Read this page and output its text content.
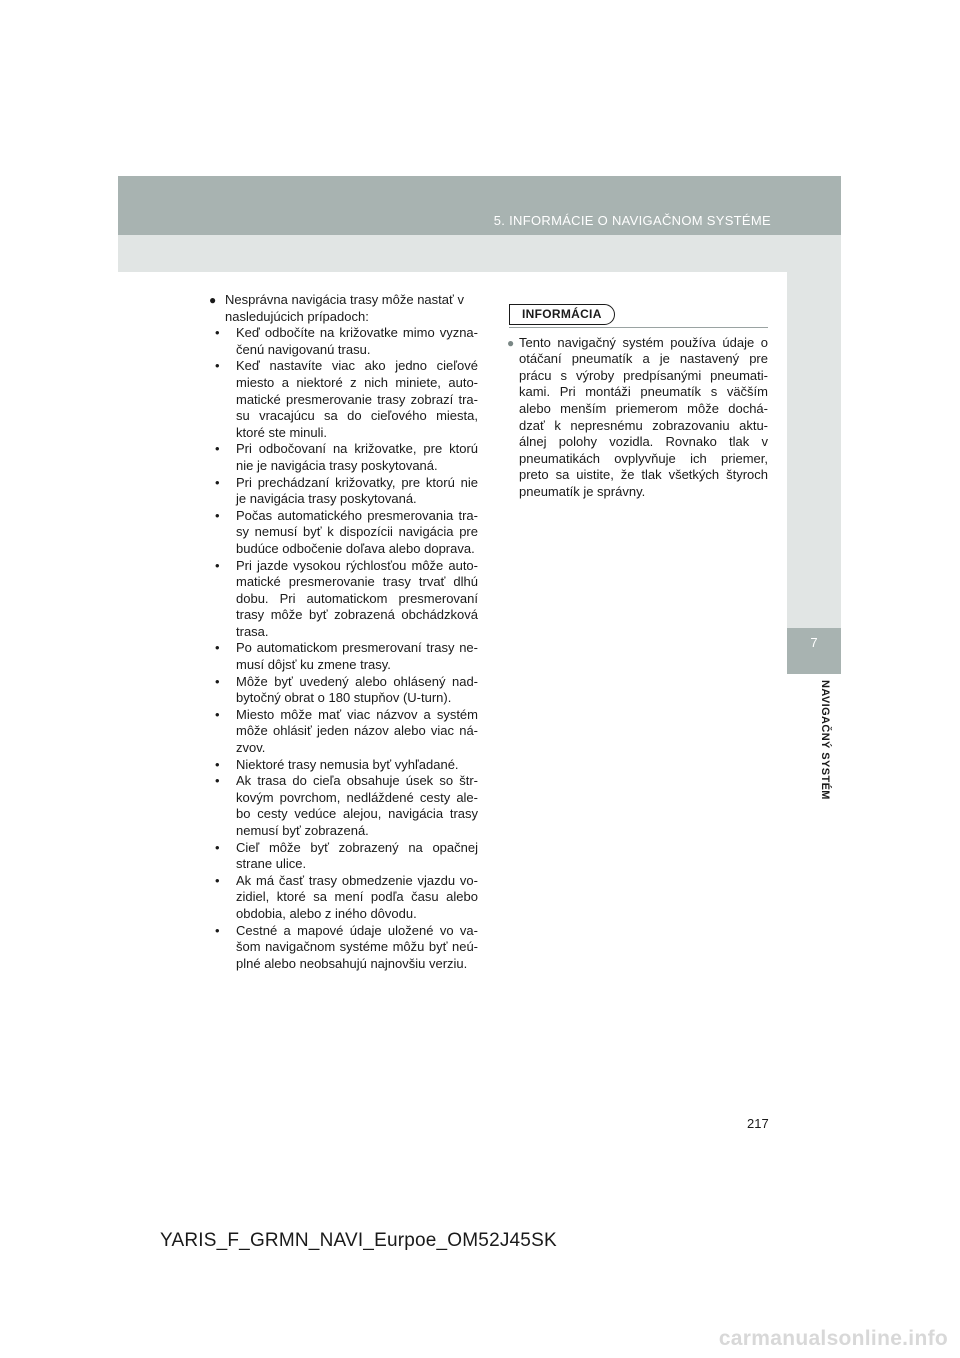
5. INFORMÁCIE O NAVIGAČNOM SYSTÉME
7
NAVIGAČNÝ SYSTÉM

● Nesprávna navigácia trasy môže nastať v nasledujúcich prípadoch:

• Keď odbočíte na križovatke mimo vyzna- čenú navigovanú trasu.
• Keď nastavíte viac ako jedno cieľové miesto a niektoré z nich miniete, auto- matické presmerovanie trasy zobrazí tra- su vracajúcu sa do cieľového miesta, ktoré ste minuli.
• Pri odbočovaní na križovatke, pre ktorú nie je navigácia trasy poskytovaná.
• Pri prechádzaní križovatky, pre ktorú nie je navigácia trasy poskytovaná.
• Počas automatického presmerovania tra- sy nemusí byť k dispozícii navigácia pre budúce odbočenie doľava alebo doprava.
• Pri jazde vysokou rýchlosťou môže auto- matické presmerovanie trasy trvať dlhú dobu. Pri automatickom presmerovaní trasy môže byť zobrazená obchádzková trasa.
• Po automatickom presmerovaní trasy ne- musí dôjsť ku zmene trasy.
• Môže byť uvedený alebo ohlásený nad- bytočný obrat o 180 stupňov (U-turn).
• Miesto môže mať viac názvov a systém môže ohlásiť jeden názov alebo viac ná- zvov.
• Niektoré trasy nemusia byť vyhľadané.
• Ak trasa do cieľa obsahuje úsek so štr- kovým povrchom, nedláždené cesty ale- bo cesty vedúce alejou, navigácia trasy nemusí byť zobrazená.
• Cieľ môže byť zobrazený na opačnej strane ulice.
• Ak má časť trasy obmedzenie vjazdu vo- zidiel, ktoré sa mení podľa času alebo obdobia, alebo z iného dôvodu.
• Cestné a mapové údaje uložené vo va- šom navigačnom systéme môžu byť neú- plné alebo neobsahujú najnovšiu verziu.
INFORMÁCIA
● Tento navigačný systém používa údaje o otáčaní pneumatík a je nastavený pre prácu s výroby predpísanými pneumati- kami. Pri montáži pneumatík s väčším alebo menším priemerom môže dochá- dzať k nepresnému zobrazovaniu aktu- álnej polohy vozidla. Rovnako tlak v pneumatikách ovplyvňuje ich priemer, preto sa uistite, že tlak všetkých štyroch pneumatík je správny.
217
YARIS_F_GRMN_NAVI_Eurpoe_OM52J45SK
carmanualsonline.info
